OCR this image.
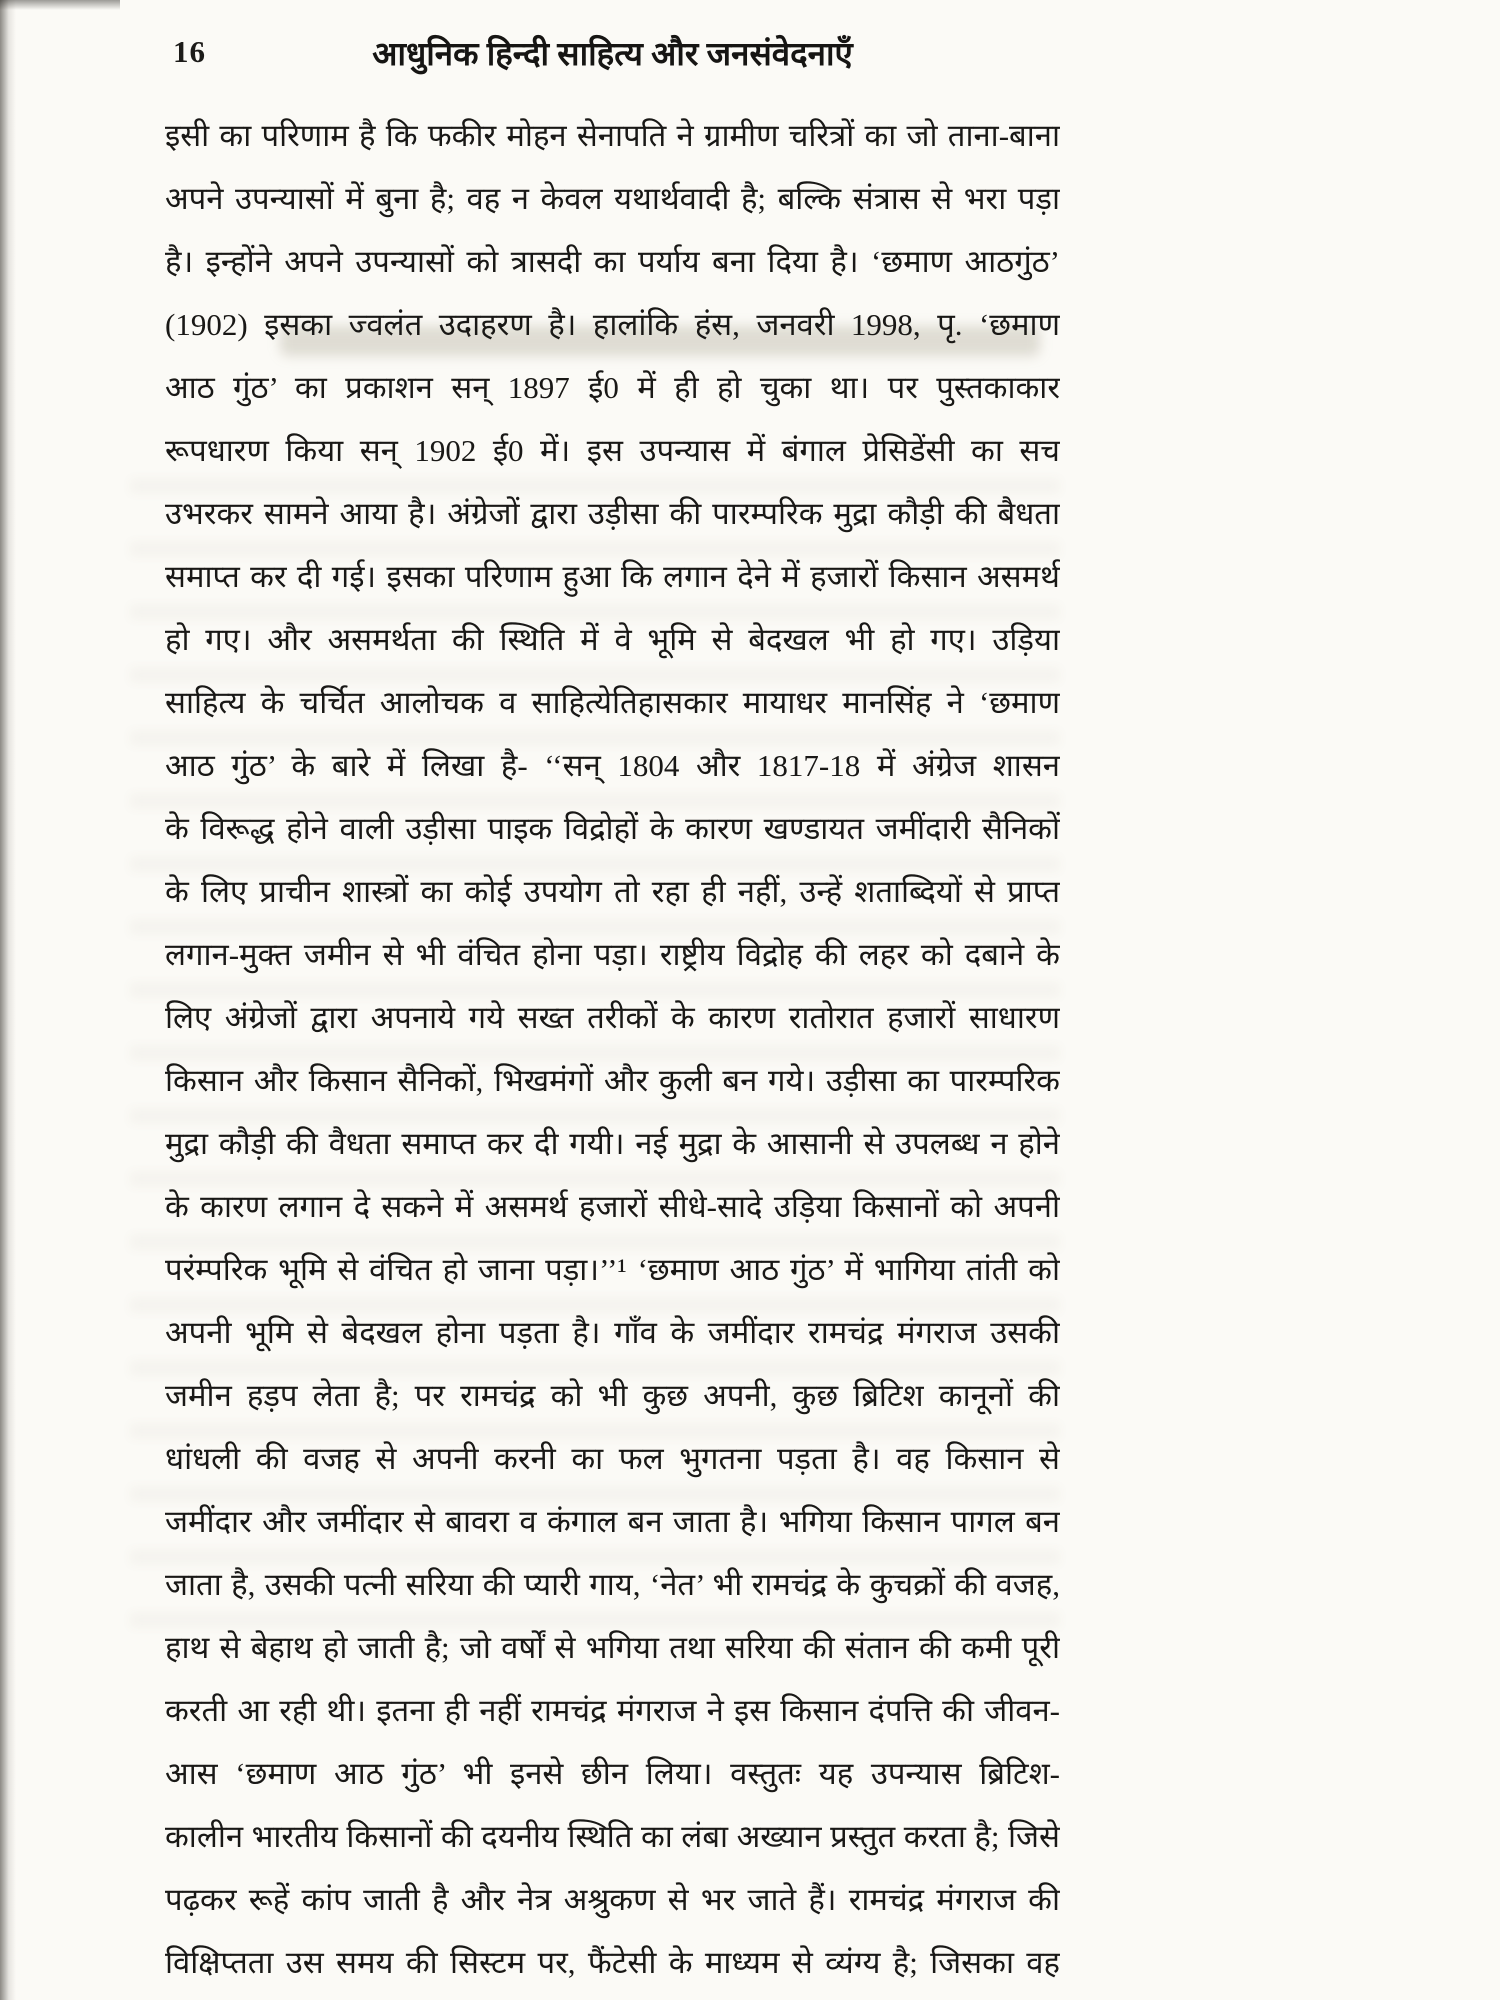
16	आधुनिक हिन्दी साहित्य और जनसंवेदनाएँ
इसी का परिणाम है कि फकीर मोहन सेनापति ने ग्रामीण चरित्रों का जो ताना-बाना
अपने उपन्यासों में बुना है; वह न केवल यथार्थवादी है; बल्कि संत्रास से भरा पड़ा
है। इन्होंने अपने उपन्यासों को त्रासदी का पर्याय बना दिया है। ‘छमाण आठगुंठ’
(1902) इसका ज्वलंत उदाहरण है। हालांकि हंस, जनवरी 1998, पृ. ‘छमाण
आठ गुंठ’ का प्रकाशन सन् 1897 ई0 में ही हो चुका था। पर पुस्तकाकार
रूपधारण किया सन् 1902 ई0 में। इस उपन्यास में बंगाल प्रेसिडेंसी का सच
उभरकर सामने आया है। अंग्रेजों द्वारा उड़ीसा की पारम्परिक मुद्रा कौड़ी की बैधता
समाप्त कर दी गई। इसका परिणाम हुआ कि लगान देने में हजारों किसान असमर्थ
हो गए। और असमर्थता की स्थिति में वे भूमि से बेदखल भी हो गए। उड़िया
साहित्य के चर्चित आलोचक व साहित्येतिहासकार मायाधर मानसिंह ने ‘छमाण
आठ गुंठ’ के बारे में लिखा है- ‘‘सन् 1804 और 1817-18 में अंग्रेज शासन
के विरूद्ध होने वाली उड़ीसा पाइक विद्रोहों के कारण खण्डायत जमींदारी सैनिकों
के लिए प्राचीन शास्त्रों का कोई उपयोग तो रहा ही नहीं, उन्हें शताब्दियों से प्राप्त
लगान-मुक्त जमीन से भी वंचित होना पड़ा। राष्ट्रीय विद्रोह की लहर को दबाने के
लिए अंग्रेजों द्वारा अपनाये गये सख्त तरीकों के कारण रातोरात हजारों साधारण
किसान और किसान सैनिकों, भिखमंगों और कुली बन गये। उड़ीसा का पारम्परिक
मुद्रा कौड़ी की वैधता समाप्त कर दी गयी। नई मुद्रा के आसानी से उपलब्ध न होने
के कारण लगान दे सकने में असमर्थ हजारों सीधे-सादे उड़िया किसानों को अपनी
परंम्परिक भूमि से वंचित हो जाना पड़ा।’’¹ ‘छमाण आठ गुंठ’ में भागिया तांती को
अपनी भूमि से बेदखल होना पड़ता है। गाँव के जमींदार रामचंद्र मंगराज उसकी
जमीन हड़प लेता है; पर रामचंद्र को भी कुछ अपनी, कुछ ब्रिटिश कानूनों की
धांधली की वजह से अपनी करनी का फल भुगतना पड़ता है। वह किसान से
जमींदार और जमींदार से बावरा व कंगाल बन जाता है। भगिया किसान पागल बन
जाता है, उसकी पत्नी सरिया की प्यारी गाय, ‘नेत’ भी रामचंद्र के कुचक्रों की वजह,
हाथ से बेहाथ हो जाती है; जो वर्षों से भगिया तथा सरिया की संतान की कमी पूरी
करती आ रही थी। इतना ही नहीं रामचंद्र मंगराज ने इस किसान दंपत्ति की जीवन-
आस ‘छमाण आठ गुंठ’ भी इनसे छीन लिया। वस्तुतः यह उपन्यास ब्रिटिश-
कालीन भारतीय किसानों की दयनीय स्थिति का लंबा अख्यान प्रस्तुत करता है; जिसे
पढ़कर रूहें कांप जाती है और नेत्र अश्रुकण से भर जाते हैं। रामचंद्र मंगराज की
विक्षिप्तता उस समय की सिस्टम पर, फैंटेसी के माध्यम से व्यंग्य है; जिसका वह
